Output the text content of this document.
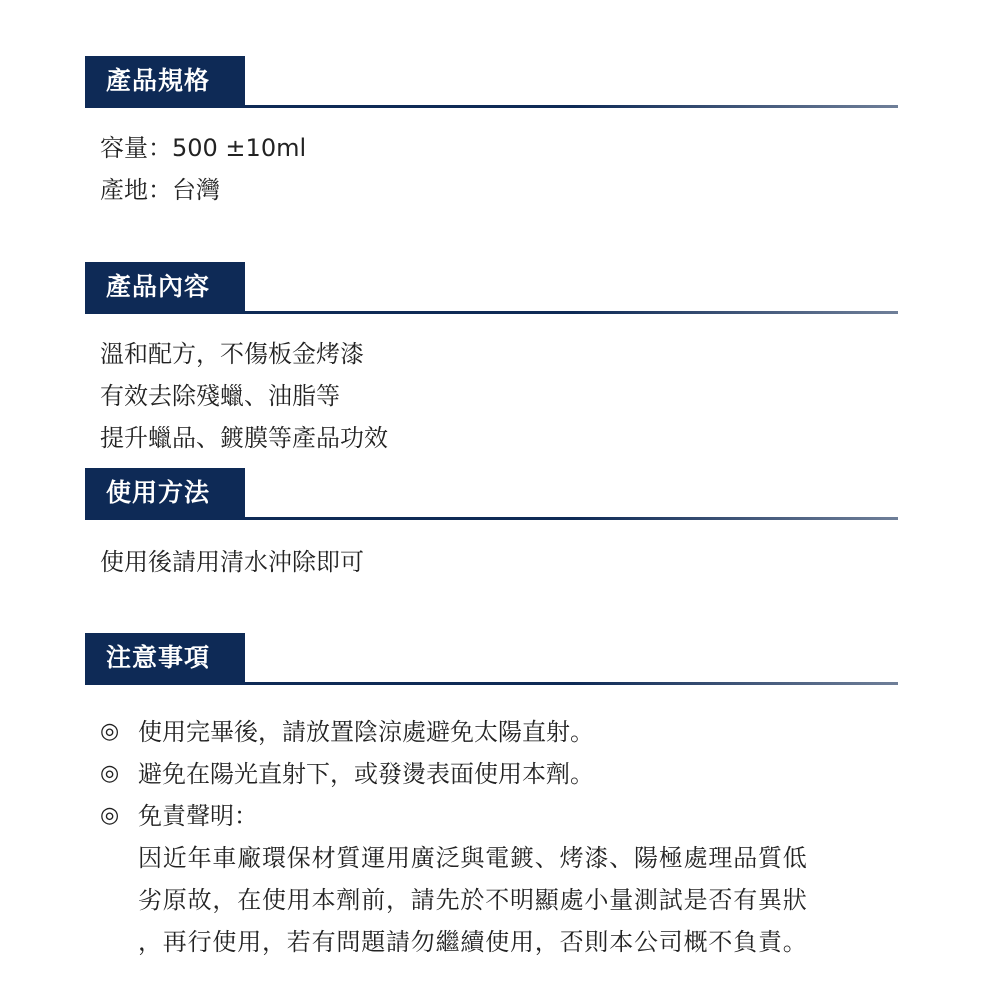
產品規格
容量：500 ±10ml
產地：台灣
產品內容
溫和配方，不傷板金烤漆
有效去除殘蠟、油脂等
提升蠟品、鍍膜等產品功效
使用方法
使用後請用清水沖除即可
注意事項
◎ 使用完畢後，請放置陰涼處避免太陽直射。
◎ 避免在陽光直射下，或發燙表面使用本劑。
◎ 免責聲明：
因近年車廠環保材質運用廣泛與電鍍、烤漆、陽極處理品質低
劣原故，在使用本劑前，請先於不明顯處小量測試是否有異狀
，再行使用，若有問題請勿繼續使用，否則本公司概不負責。
